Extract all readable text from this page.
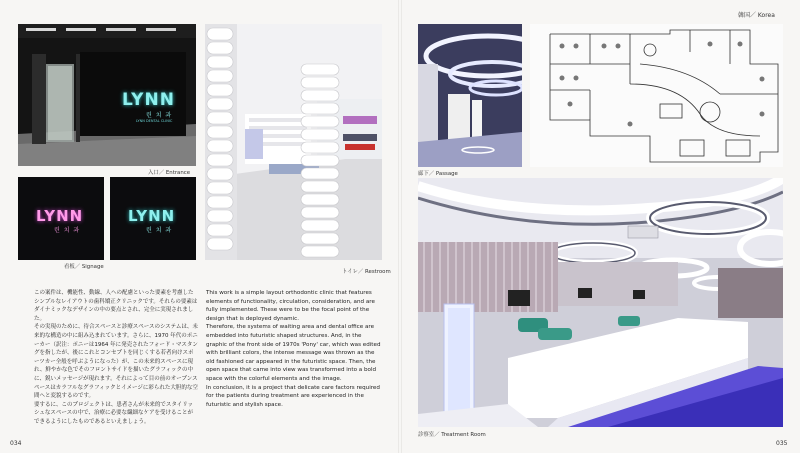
韓国／ Korea
LYNN
린 치 과
LYNN DENTAL CLINIC
入口／ Entrance
LYNN
린 치 과
LYNN
린 치 과
看板／ Signage
トイレ／ Restroom
廊下／ Passage
診察室／ Treatment Room

この案件は、機能性、動線、人への配慮といった要素を考慮したシンプルなレイアウトの歯科矯正クリニックです。それらの要素はダイナミックなデザインの中の要点とされ、完全に実現されました。

その実現のために、待合スペースと診療スペースのシステムは、未来的な構造の中に組み込まれています。さらに、1970 年代のポニーカー（訳注：ポニーは1964 年に発売されたフォード・マスタングを指したが、後にこれとコンセプトを同じくする若者向けスポーツカー全般を呼ぶようになった）が、この未来的スペースに現れ、鮮やかな色でそのフロントサイドを描いたグラフィックの中に、鋭いメッセージが現れます。それによって目の前のオープンスペースはカラフルなグラフィックとイメージに彩られた大胆的な空間へと変貌するのです。

要するに、このプロジェクトは、患者さんが未来的でスタイリッシュなスペースの中で、治療に必要な繊細なケアを受けることができるようにしたものであるといえましょう。

This work is a simple layout orthodontic clinic that features elements of functionality, circulation, consideration, and are fully implemented. These were to be the focal point of the design that is deployed dynamic.

Therefore, the systems of waiting area and dental office are embedded into futuristic shaped structures. And, in the graphic of the front side of 1970s 'Pony' car, which was edited with brilliant colors, the intense message was thrown as the old fashioned car appeared in the futuristic space. Then, the open space that came into view was transformed into a bold space with the colorful elements and the image.

In conclusion, it is a project that delicate care factors required for the patients during treatment are experienced in the futuristic and stylish space.

034	035
